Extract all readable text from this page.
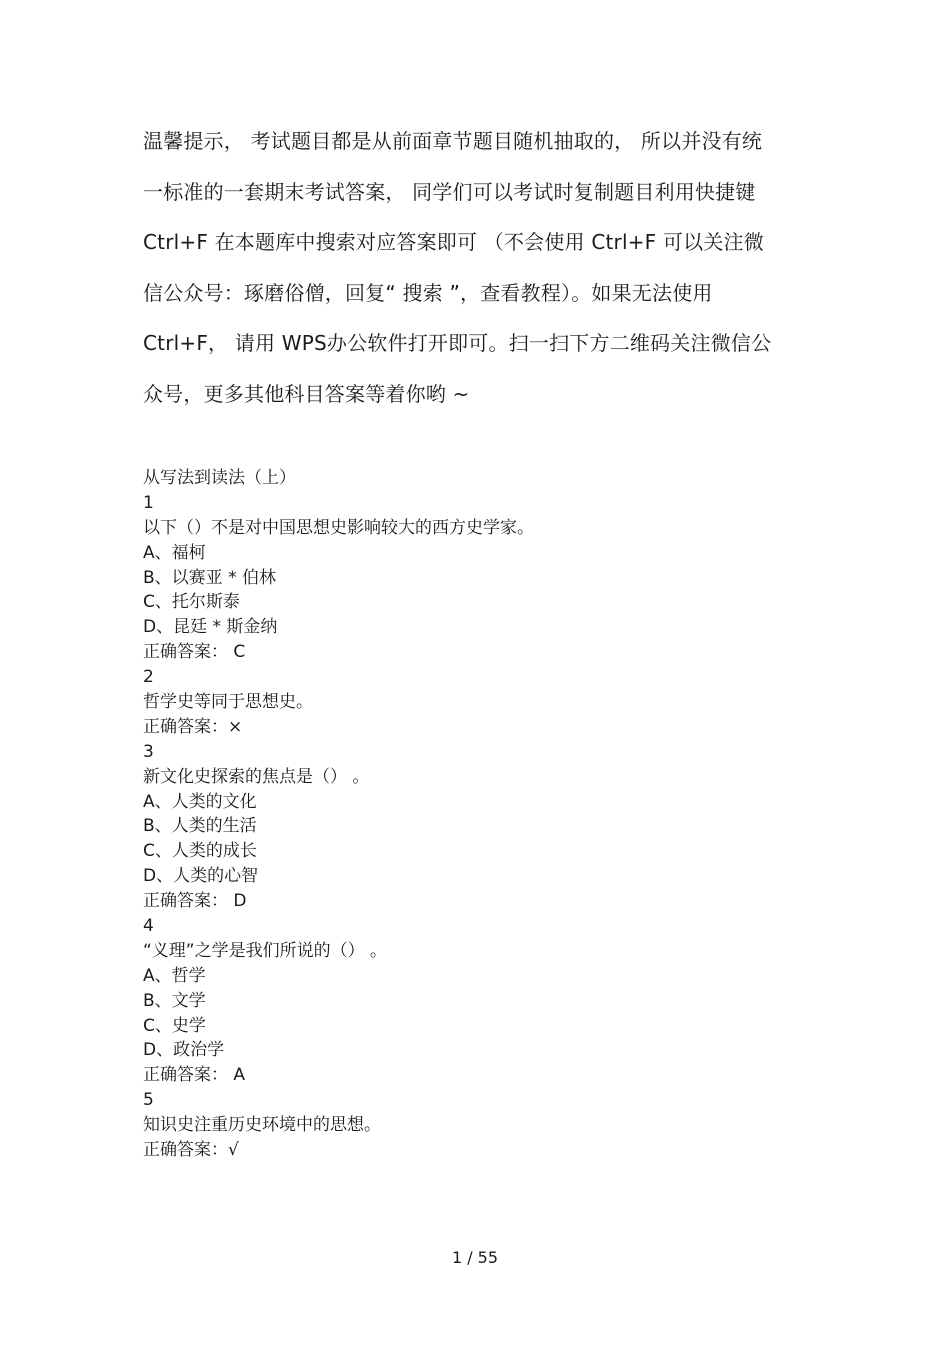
温馨提示， 考试题目都是从前面章节题目随机抽取的， 所以并没有统
一标准的一套期末考试答案， 同学们可以考试时复制题目利用快捷键
Ctrl+F 在本题库中搜索对应答案即可 （不会使用 Ctrl+F 可以关注微
信公众号：琢磨俗僧，回复“ 搜索 ”，查看教程）。如果无法使用
Ctrl+F， 请用 WPS办公软件打开即可。扫一扫下方二维码关注微信公
众号，更多其他科目答案等着你哟 ~
从写法到读法（上）
1
以下（）不是对中国思想史影响较大的西方史学家。
A、福柯
B、以赛亚 * 伯林
C、托尔斯泰
D、昆廷 * 斯金纳
正确答案： C
2
哲学史等同于思想史。
正确答案：×
3
新文化史探索的焦点是（） 。
A、人类的文化
B、人类的生活
C、人类的成长
D、人类的心智
正确答案： D
4
“义理”之学是我们所说的（） 。
A、哲学
B、文学
C、史学
D、政治学
正确答案： A
5
知识史注重历史环境中的思想。
正确答案：√
1 / 55
